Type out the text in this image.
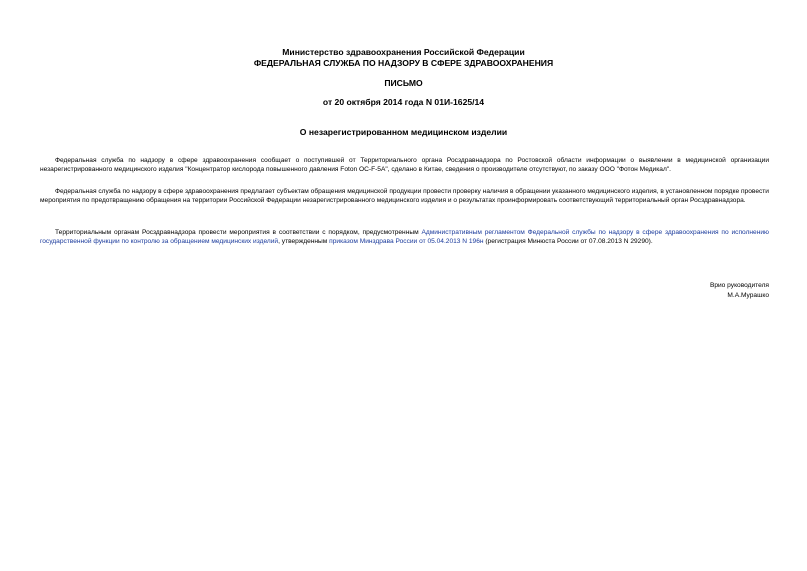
Министерство здравоохранения Российской Федерации
ФЕДЕРАЛЬНАЯ СЛУЖБА ПО НАДЗОРУ В СФЕРЕ ЗДРАВООХРАНЕНИЯ
ПИСЬМО
от 20 октября 2014 года N 01И-1625/14
О незарегистрированном медицинском изделии

Федеральная служба по надзору в сфере здравоохранения сообщает о поступившей от Территориального органа Росздравнадзора по Ростовской области информации о выявлении в медицинской организации незарегистрированного медицинского изделия "Концентратор кислорода повышенного давления Foton OC-F-5A", сделано в Китае, сведения о производителе отсутствуют, по заказу ООО "Фотон Медикал".

Федеральная служба по надзору в сфере здравоохранения предлагает субъектам обращения медицинской продукции провести проверку наличия в обращении указанного медицинского изделия, в установленном порядке провести мероприятия по предотвращению обращения на территории Российской Федерации незарегистрированного медицинского изделия и о результатах проинформировать соответствующий территориальный орган Росздравнадзора.

Территориальным органам Росздравнадзора провести мероприятия в соответствии с порядком, предусмотренным Административным регламентом Федеральной службы по надзору в сфере здравоохранения по исполнению государственной функции по контролю за обращением медицинских изделий, утвержденным приказом Минздрава России от 05.04.2013 N 196н (регистрация Минюста России от 07.08.2013 N 29290).

Врио руководителя
М.А.Мурашко
